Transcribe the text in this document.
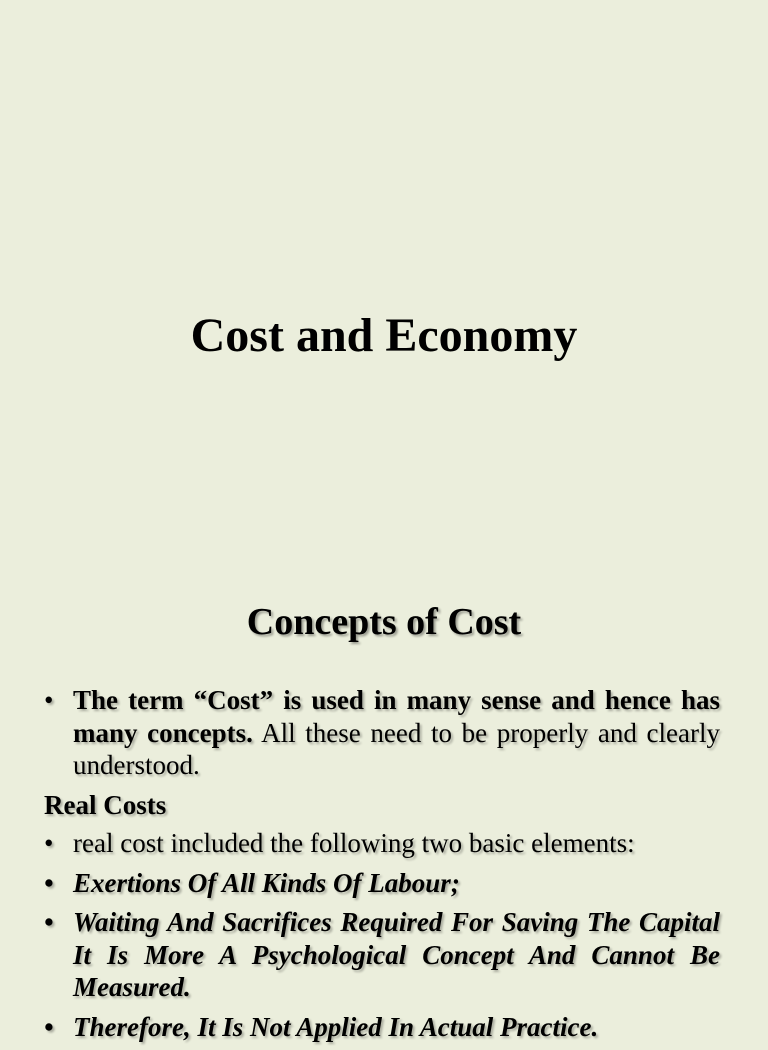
Cost and Economy
Concepts of Cost

• The term “Cost” is used in many sense and hence has many concepts. All these need to be properly and clearly understood.

Real Costs

• real cost included the following two basic elements:

• Exertions Of All Kinds Of Labour;

• Waiting And Sacrifices Required For Saving The Capital It Is More A Psychological Concept And Cannot Be Measured.

• Therefore, It Is Not Applied In Actual Practice.
